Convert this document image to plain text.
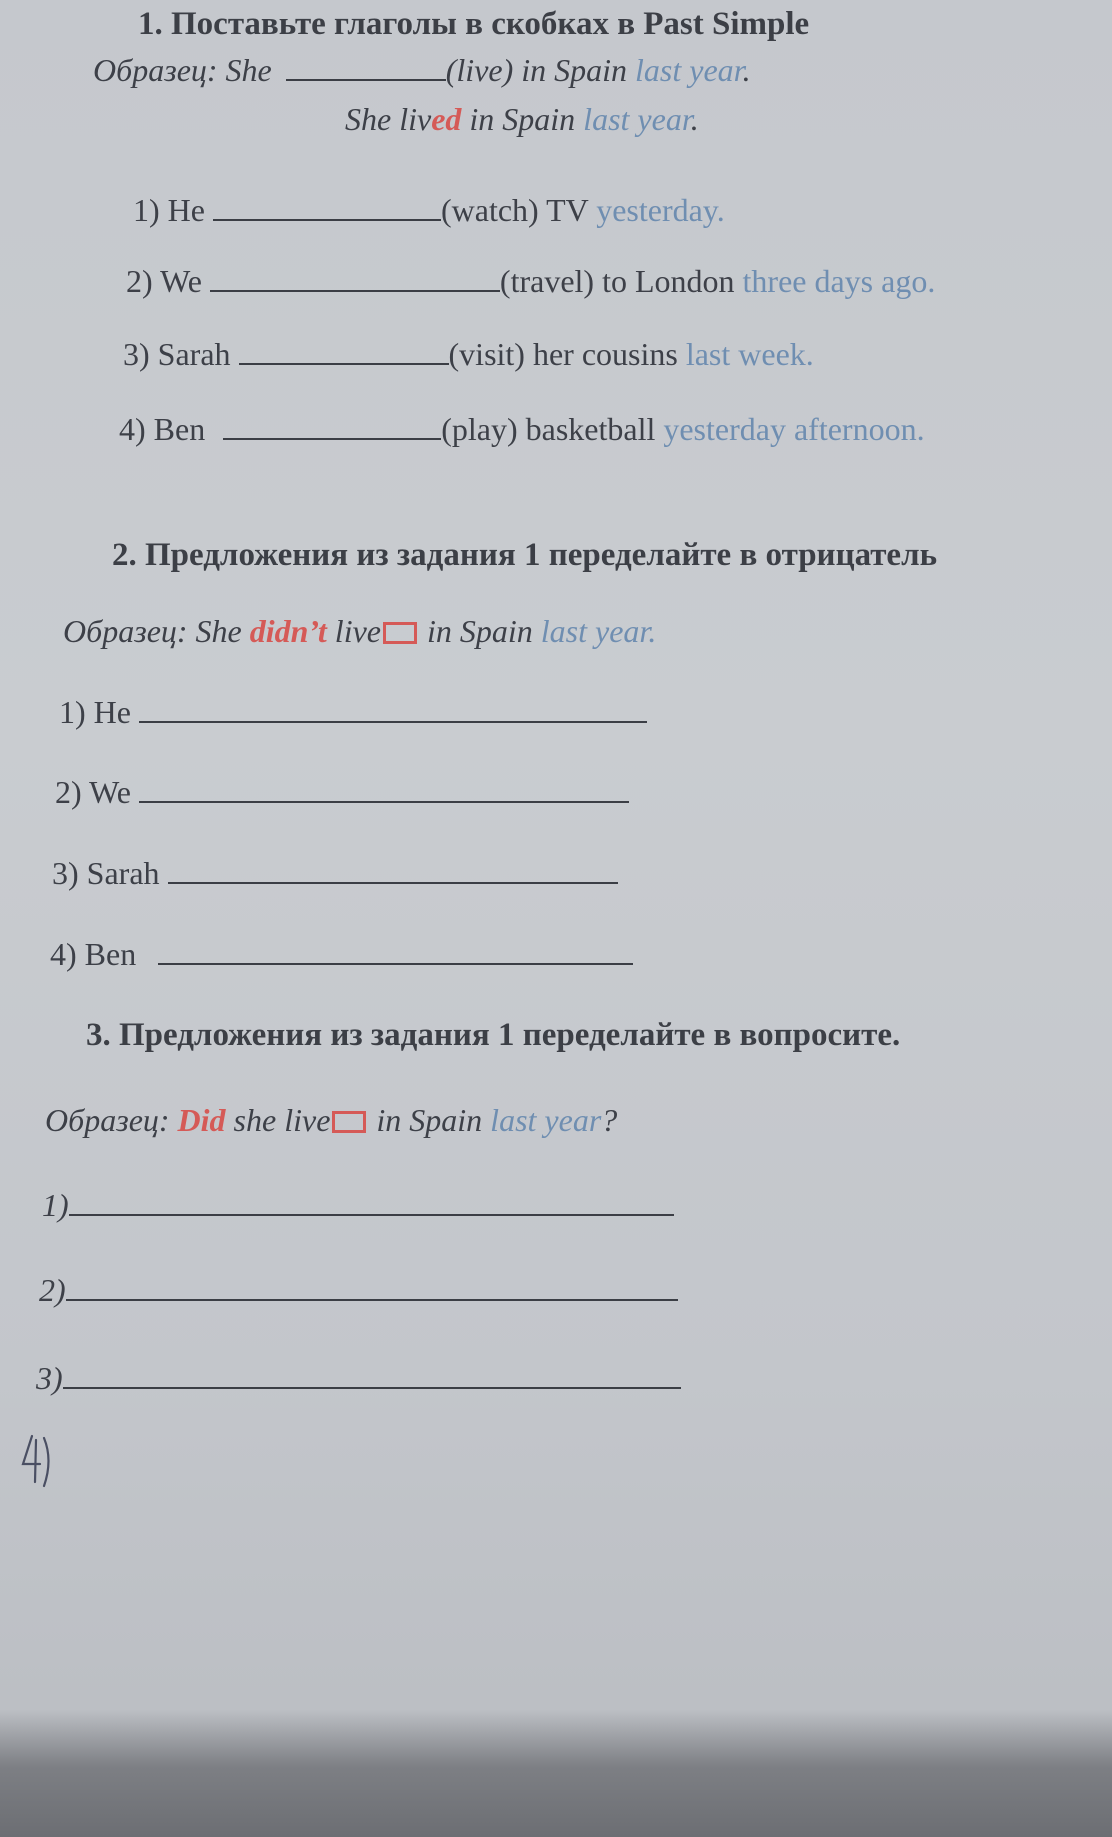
1. Поставьте глаголы в скобках в Past Simple
Образец: She	(live) in Spain last year.
She lived in Spain last year.
1) He	(watch) TV yesterday.
2) We	(travel) to London three days ago.
3) Sarah	(visit) her cousins last week.
4) Ben	(play) basketball yesterday afternoon.
2. Предложения из задания 1 переделайте в отрицатель
Образец: She didn’t live in Spain last year.
1) He
2) We
3) Sarah
4) Ben
3. Предложения из задания 1 переделайте в вопросите.
Образец: Did she live in Spain last year?
1)
2)
3)
